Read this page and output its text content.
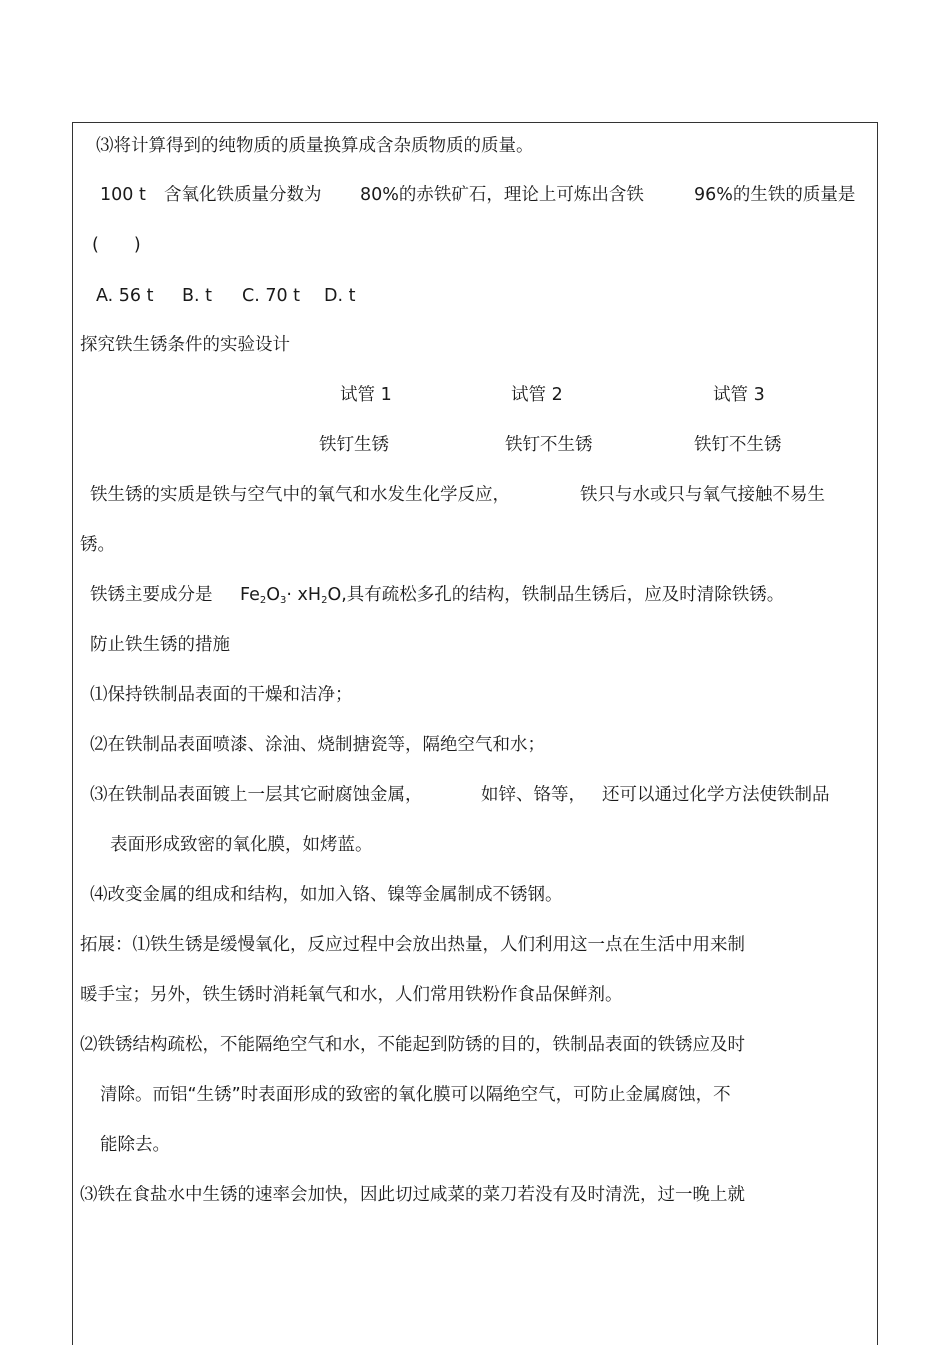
⑶将计算得到的纯物质的质量换算成含杂质物质的质量。
100 t 含氧化铁质量分数为 80%的赤铁矿石，理论上可炼出含铁	96%的生铁的质量是
(　　)
A. 56 t B. t C. 70 t D. t
探究铁生锈条件的实验设计
试管 1	试管 2	试管 3
铁钉生锈	铁钉不生锈	铁钉不生锈
铁生锈的实质是铁与空气中的氧气和水发生化学反应，	铁只与水或只与氧气接触不易生
锈。
铁锈主要成分是 $Fe_2O_3\cdot xH_2O$,具有疏松多孔的结构，铁制品生锈后，应及时清除铁锈。
防止铁生锈的措施
⑴保持铁制品表面的干燥和洁净；
⑵在铁制品表面喷漆、涂油、烧制搪瓷等，隔绝空气和水；
⑶在铁制品表面镀上一层其它耐腐蚀金属，	如锌、铬等， 还可以通过化学方法使铁制品
表面形成致密的氧化膜，如烤蓝。
⑷改变金属的组成和结构，如加入铬、镍等金属制成不锈钢。
拓展：⑴铁生锈是缓慢氧化，反应过程中会放出热量，人们利用这一点在生活中用来制
暖手宝；另外，铁生锈时消耗氧气和水，人们常用铁粉作食品保鲜剂。
⑵铁锈结构疏松，不能隔绝空气和水，不能起到防锈的目的，铁制品表面的铁锈应及时
清除。而铝“生锈”时表面形成的致密的氧化膜可以隔绝空气，可防止金属腐蚀，不
能除去。
⑶铁在食盐水中生锈的速率会加快，因此切过咸菜的菜刀若没有及时清洗，过一晚上就
